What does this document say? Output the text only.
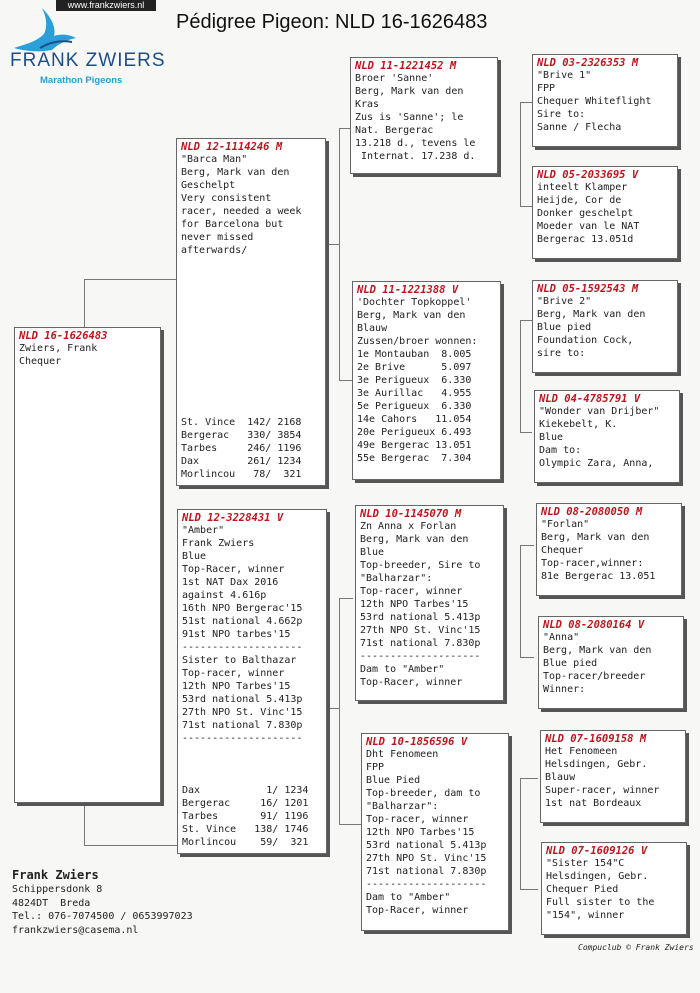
www.frankzwiers.nl
FRANK ZWIERS
Marathon Pigeons
Pédigree Pigeon: NLD 16-1626483
NLD 16-1626483
Zwiers, Frank
Chequer
NLD 12-1114246 M
"Barca Man"
Berg, Mark van den
Geschelpt
Very consistent
racer, needed a week
for Barcelona but
never missed
afterwards/
St. Vince  142/ 2168
Bergerac   330/ 3854
Tarbes     246/ 1196
Dax        261/ 1234
Morlincou   78/  321
NLD 12-3228431 V
"Amber"
Frank Zwiers
Blue
Top-Racer, winner
1st NAT Dax 2016
against 4.616p
16th NPO Bergerac'15
51st national 4.662p
91st NPO tarbes'15
--------------------
Sister to Balthazar
Top-racer, winner
12th NPO Tarbes'15
53rd national 5.413p
27th NPO St. Vinc'15
71st national 7.830p
--------------------
Dax           1/ 1234
Bergerac     16/ 1201
Tarbes       91/ 1196
St. Vince   138/ 1746
Morlincou    59/  321
NLD 11-1221452 M
Broer 'Sanne'
Berg, Mark van den
Kras
Zus is 'Sanne'; le
Nat. Bergerac
13.218 d., tevens le
Internat. 17.238 d.
NLD 11-1221388 V
'Dochter Topkoppel'
Berg, Mark van den
Blauw
Zussen/broer wonnen:
1e Montauban  8.005
2e Brive      5.097
3e Perigueux  6.330
3e Aurillac   4.955
5e Perigueux  6.330
14e Cahors   11.054
20e Perigueux 6.493
49e Bergerac 13.051
55e Bergerac  7.304
NLD 10-1145070 M
Zn Anna x Forlan
Berg, Mark van den
Blue
Top-breeder, Sire to
"Balharzar":
Top-racer, winner
12th NPO Tarbes'15
53rd national 5.413p
27th NPO St. Vinc'15
71st national 7.830p
--------------------
Dam to "Amber"
Top-Racer, winner
NLD 10-1856596 V
Dht Fenomeen
FPP
Blue Pied
Top-breeder, dam to
"Balharzar":
Top-racer, winner
12th NPO Tarbes'15
53rd national 5.413p
27th NPO St. Vinc'15
71st national 7.830p
--------------------
Dam to "Amber"
Top-Racer, winner
NLD 03-2326353 M
"Brive 1"
FPP
Chequer Whiteflight
Sire to:
Sanne / Flecha
NLD 05-2033695 V
inteelt Klamper
Heijde, Cor de
Donker geschelpt
Moeder van le NAT
Bergerac 13.051d
NLD 05-1592543 M
"Brive 2"
Berg, Mark van den
Blue pied
Foundation Cock,
sire to:
NLD 04-4785791 V
"Wonder van Drijber"
Kiekebelt, K.
Blue
Dam to:
Olympic Zara, Anna,
NLD 08-2080050 M
"Forlan"
Berg, Mark van den
Chequer
Top-racer,winner:
81e Bergerac 13.051
NLD 08-2080164 V
"Anna"
Berg, Mark van den
Blue pied
Top-racer/breeder
Winner:
NLD 07-1609158 M
Het Fenomeen
Helsdingen, Gebr.
Blauw
Super-racer, winner
1st nat Bordeaux
NLD 07-1609126 V
"Sister 154"C
Helsdingen, Gebr.
Chequer Pied
Full sister to the
"154", winner
Frank Zwiers
Schippersdonk 8
4824DT  Breda
Tel.: 076-7074500 / 0653997023
frankzwiers@casema.nl
Compuclub © Frank Zwiers
